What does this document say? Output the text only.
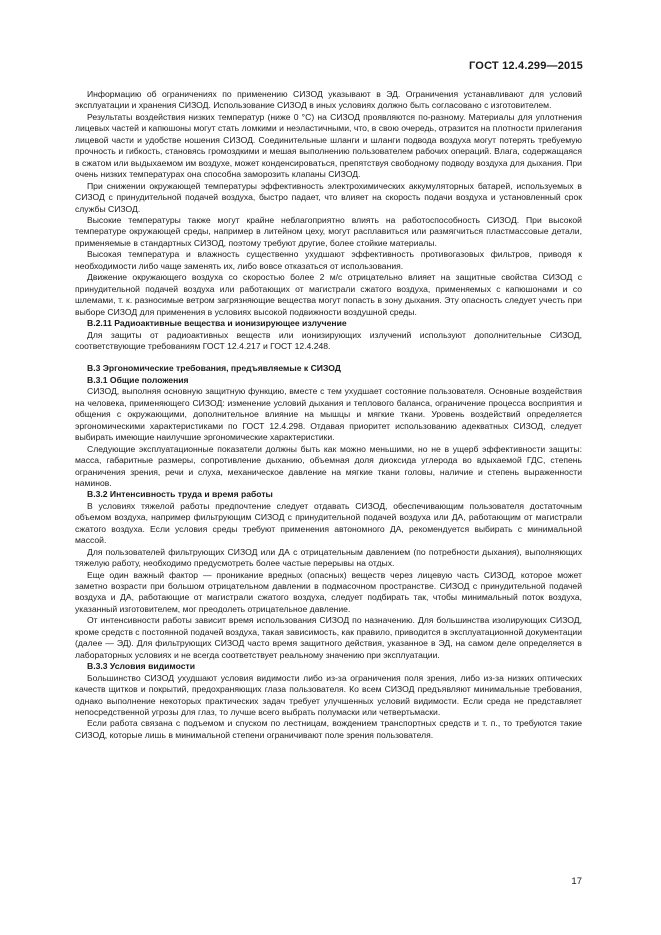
ГОСТ 12.4.299—2015

Информацию об ограничениях по применению СИЗОД указывают в ЭД. Ограничения устанавливают для условий эксплуатации и хранения СИЗОД. Использование СИЗОД в иных условиях должно быть согласовано с изготовителем.

Результаты воздействия низких температур (ниже 0 °С) на СИЗОД проявляются по-разному. Материалы для уплотнения лицевых частей и капюшоны могут стать ломкими и неэластичными, что, в свою очередь, отразится на плотности прилегания лицевой части и удобстве ношения СИЗОД. Соединительные шланги и шланги подвода воздуха могут потерять требуемую прочность и гибкость, становясь громоздкими и мешая выполнению пользователем рабочих операций. Влага, содержащаяся в сжатом или выдыхаемом им воздухе, может конденсироваться, препятствуя свободному подводу воздуха для дыхания. При очень низких температурах она способна заморозить клапаны СИЗОД.

При снижении окружающей температуры эффективность электрохимических аккумуляторных батарей, используемых в СИЗОД с принудительной подачей воздуха, быстро падает, что влияет на скорость подачи воздуха и установленный срок службы СИЗОД.

Высокие температуры также могут крайне неблагоприятно влиять на работоспособность СИЗОД. При высокой температуре окружающей среды, например в литейном цеху, могут расплавиться или размягчиться пластмассовые детали, применяемые в стандартных СИЗОД, поэтому требуют другие, более стойкие материалы.

Высокая температура и влажность существенно ухудшают эффективность противогазовых фильтров, приводя к необходимости либо чаще заменять их, либо вовсе отказаться от использования.

Движение окружающего воздуха со скоростью более 2 м/с отрицательно влияет на защитные свойства СИЗОД с принудительной подачей воздуха или работающих от магистрали сжатого воздуха, применяемых с капюшонами и со шлемами, т. к. разносимые ветром загрязняющие вещества могут попасть в зону дыхания. Эту опасность следует учесть при выборе СИЗОД для применения в условиях высокой подвижности воздушной среды.

В.2.11 Радиоактивные вещества и ионизирующее излучение

Для защиты от радиоактивных веществ или ионизирующих излучений используют дополнительные СИЗОД, соответствующие требованиям ГОСТ 12.4.217 и ГОСТ 12.4.248.

В.3 Эргономические требования, предъявляемые к СИЗОД

В.3.1 Общие положения

СИЗОД, выполняя основную защитную функцию, вместе с тем ухудшает состояние пользователя. Основные воздействия на человека, применяющего СИЗОД: изменение условий дыхания и теплового баланса, ограничение процесса восприятия и общения с окружающими, дополнительное влияние на мышцы и мягкие ткани. Уровень воздействий определяется эргономическими характеристиками по ГОСТ 12.4.298. Отдавая приоритет использованию адекватных СИЗОД, следует выбирать имеющие наилучшие эргономические характеристики.

Следующие эксплуатационные показатели должны быть как можно меньшими, но не в ущерб эффективности защиты: масса, габаритные размеры, сопротивление дыханию, объемная доля диоксида углерода во вдыхаемой ГДС, степень ограничения зрения, речи и слуха, механическое давление на мягкие ткани головы, наличие и степень выраженности наминов.

В.3.2 Интенсивность труда и время работы

В условиях тяжелой работы предпочтение следует отдавать СИЗОД, обеспечивающим пользователя достаточным объемом воздуха, например фильтрующим СИЗОД с принудительной подачей воздуха или ДА, работающим от магистрали сжатого воздуха. Если условия среды требуют применения автономного ДА, рекомендуется выбирать с минимальной массой.

Для пользователей фильтрующих СИЗОД или ДА с отрицательным давлением (по потребности дыхания), выполняющих тяжелую работу, необходимо предусмотреть более частые перерывы на отдых.

Еще один важный фактор — проникание вредных (опасных) веществ через лицевую часть СИЗОД, которое может заметно возрасти при большом отрицательном давлении в подмасочном пространстве. СИЗОД с принудительной подачей воздуха и ДА, работающие от магистрали сжатого воздуха, следует подбирать так, чтобы минимальный поток воздуха, указанный изготовителем, мог преодолеть отрицательное давление.

От интенсивности работы зависит время использования СИЗОД по назначению. Для большинства изолирующих СИЗОД, кроме средств с постоянной подачей воздуха, такая зависимость, как правило, приводится в эксплуатационной документации (далее — ЭД). Для фильтрующих СИЗОД часто время защитного действия, указанное в ЭД, на самом деле определяется в лабораторных условиях и не всегда соответствует реальному значению при эксплуатации.

В.3.3 Условия видимости

Большинство СИЗОД ухудшают условия видимости либо из-за ограничения поля зрения, либо из-за низких оптических качеств щитков и покрытий, предохраняющих глаза пользователя. Ко всем СИЗОД предъявляют минимальные требования, однако выполнение некоторых практических задач требует улучшенных условий видимости. Если среда не представляет непосредственной угрозы для глаз, то лучше всего выбрать полумаски или четвертьмаски.

Если работа связана с подъемом и спуском по лестницам, вождением транспортных средств и т. п., то требуются такие СИЗОД, которые лишь в минимальной степени ограничивают поле зрения пользователя.

17
